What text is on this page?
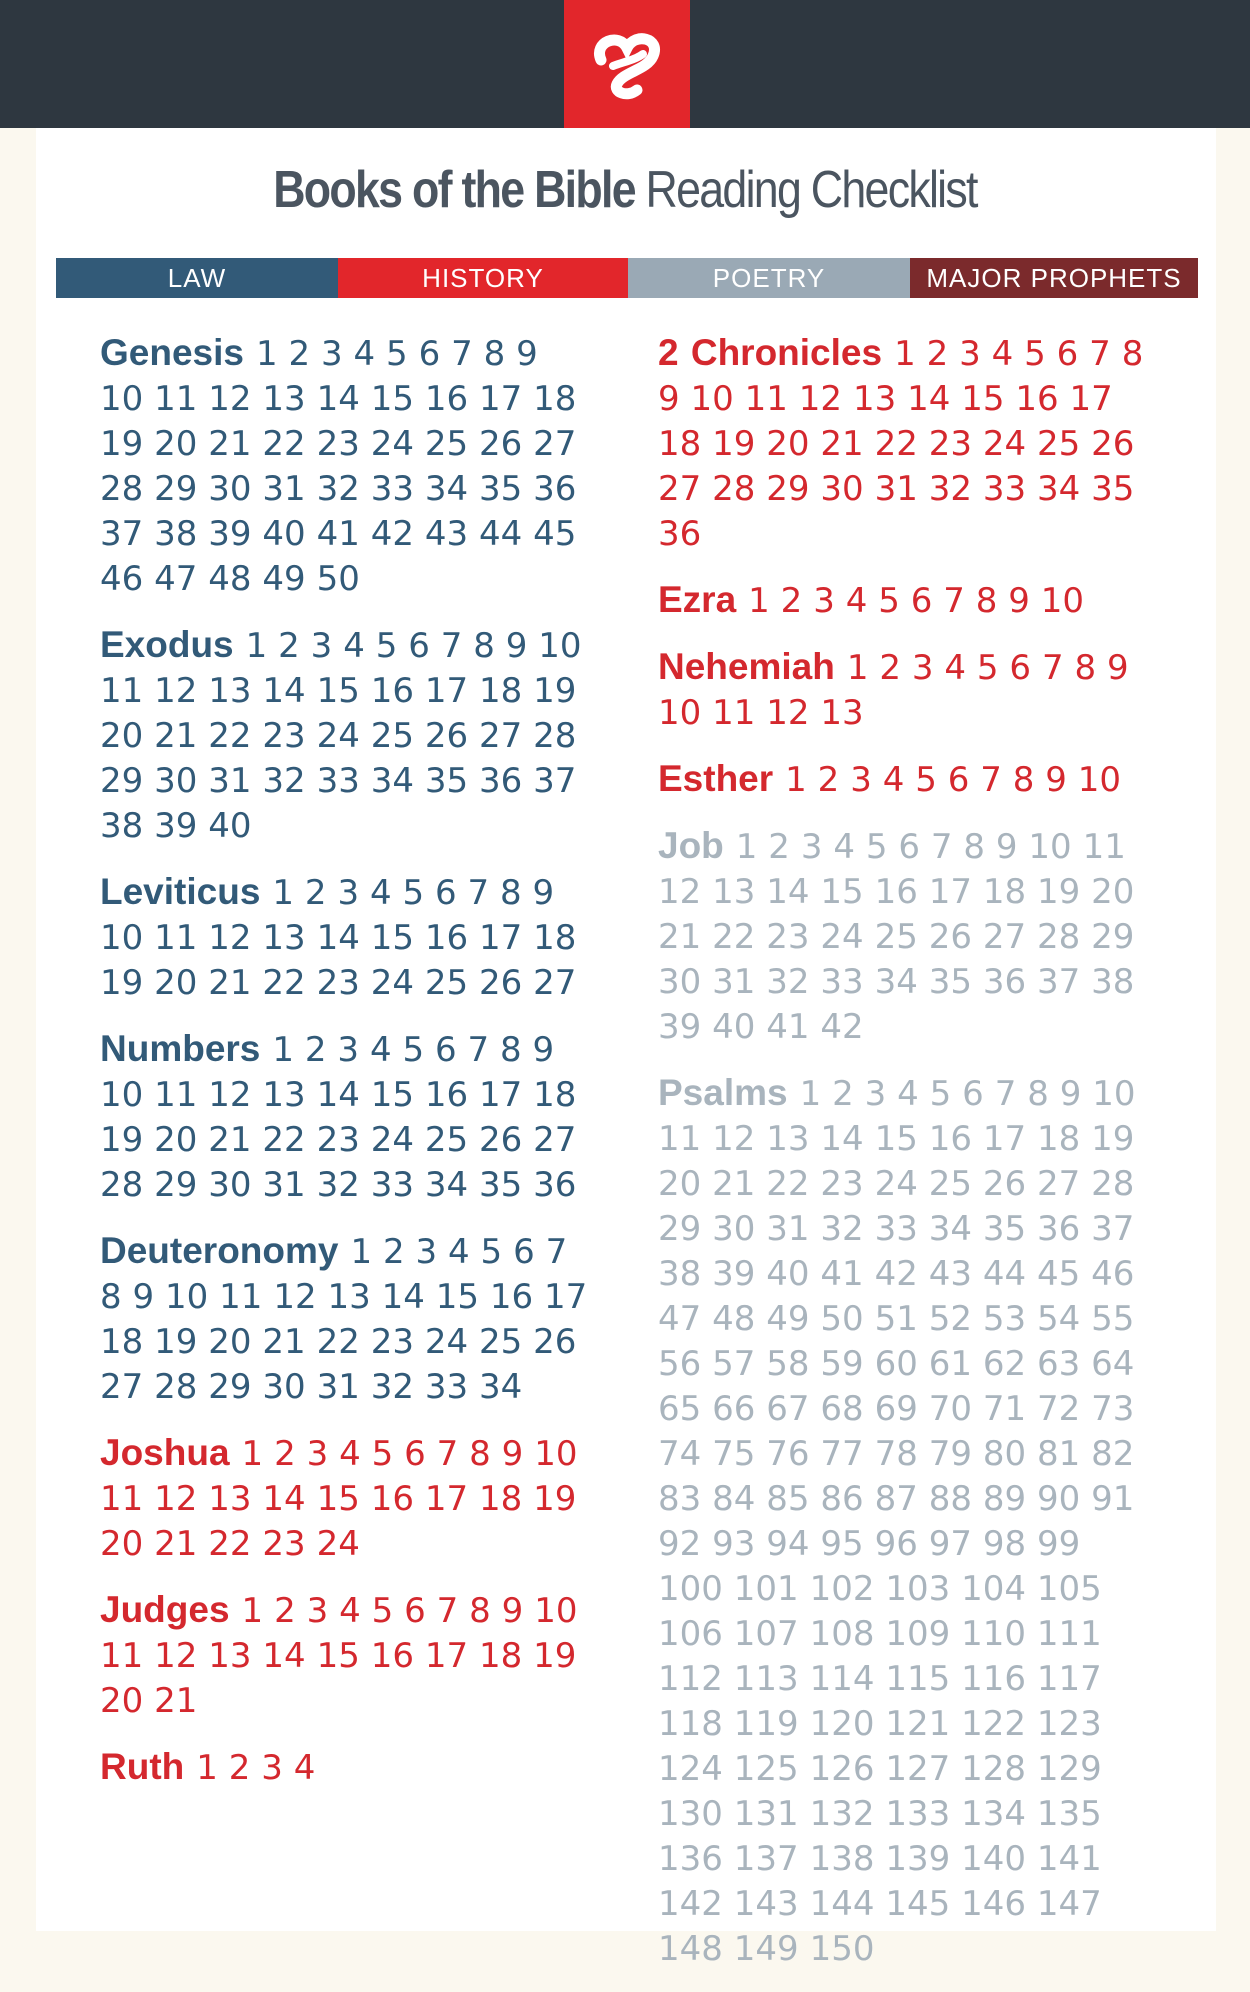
Books of the Bible Reading Checklist
LAW	HISTORY	POETRY	MAJOR PROPHETS
Genesis 1 2 3 4 5 6 7 8 910 11 12 13 14 15 16 17 1819 20 21 22 23 24 25 26 2728 29 30 31 32 33 34 35 3637 38 39 40 41 42 43 44 4546 47 48 49 50
Exodus 1 2 3 4 5 6 7 8 9 1011 12 13 14 15 16 17 18 1920 21 22 23 24 25 26 27 2829 30 31 32 33 34 35 36 3738 39 40
Leviticus 1 2 3 4 5 6 7 8 910 11 12 13 14 15 16 17 1819 20 21 22 23 24 25 26 27
Numbers 1 2 3 4 5 6 7 8 910 11 12 13 14 15 16 17 1819 20 21 22 23 24 25 26 2728 29 30 31 32 33 34 35 36
Deuteronomy 1 2 3 4 5 6 78 9 10 11 12 13 14 15 16 1718 19 20 21 22 23 24 25 2627 28 29 30 31 32 33 34
Joshua 1 2 3 4 5 6 7 8 9 1011 12 13 14 15 16 17 18 1920 21 22 23 24
Judges 1 2 3 4 5 6 7 8 9 1011 12 13 14 15 16 17 18 1920 21
Ruth 1 2 3 4
2 Chronicles 1 2 3 4 5 6 7 89 10 11 12 13 14 15 16 1718 19 20 21 22 23 24 25 2627 28 29 30 31 32 33 34 3536
Ezra 1 2 3 4 5 6 7 8 9 10
Nehemiah 1 2 3 4 5 6 7 8 910 11 12 13
Esther 1 2 3 4 5 6 7 8 9 10
Job 1 2 3 4 5 6 7 8 9 10 1112 13 14 15 16 17 18 19 2021 22 23 24 25 26 27 28 2930 31 32 33 34 35 36 37 3839 40 41 42
Psalms 1 2 3 4 5 6 7 8 9 1011 12 13 14 15 16 17 18 1920 21 22 23 24 25 26 27 2829 30 31 32 33 34 35 36 3738 39 40 41 42 43 44 45 4647 48 49 50 51 52 53 54 5556 57 58 59 60 61 62 63 6465 66 67 68 69 70 71 72 7374 75 76 77 78 79 80 81 8283 84 85 86 87 88 89 90 9192 93 94 95 96 97 98 99100 101 102 103 104 105106 107 108 109 110 111112 113 114 115 116 117118 119 120 121 122 123124 125 126 127 128 129130 131 132 133 134 135136 137 138 139 140 141142 143 144 145 146 147148 149 150
